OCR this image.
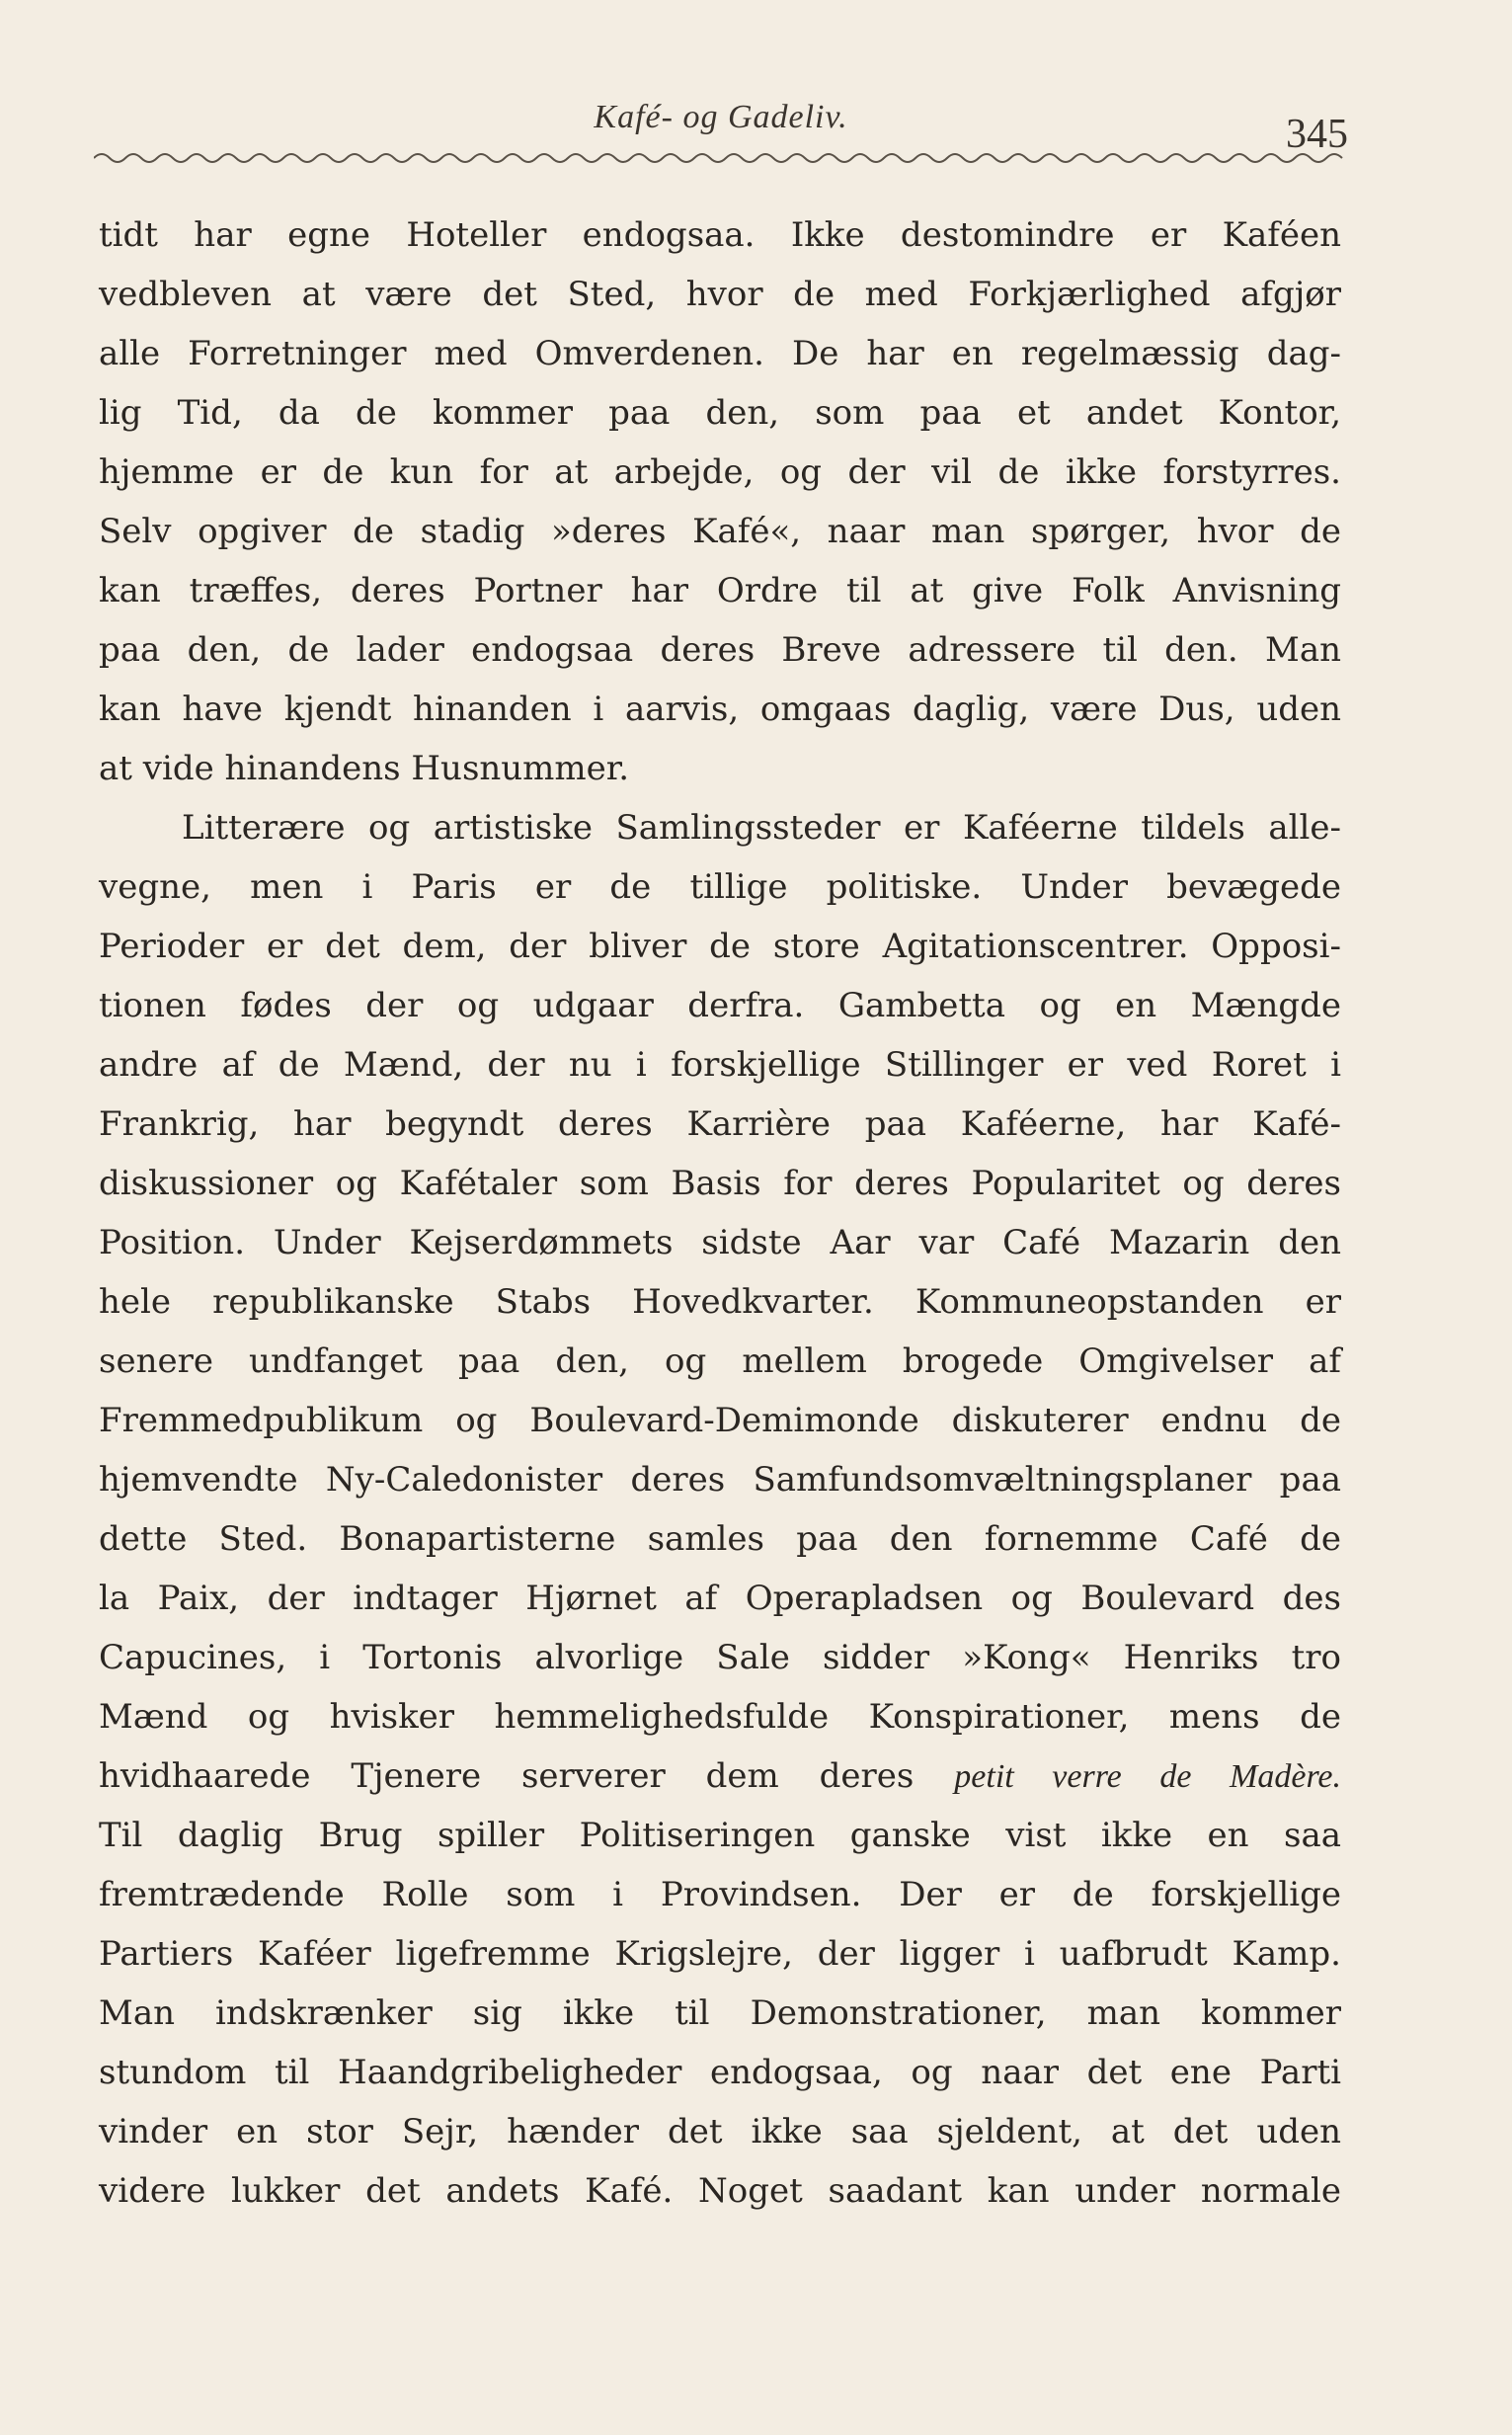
Kafé- og Gadeliv.	345
tidt har egne Hoteller endogsaa. Ikke destomindre er Kaféen
vedbleven at være det Sted, hvor de med Forkjærlighed afgjør
alle Forretninger med Omverdenen. De har en regelmæssig dag-
lig Tid, da de kommer paa den, som paa et andet Kontor,
hjemme er de kun for at arbejde, og der vil de ikke forstyrres.
Selv opgiver de stadig »deres Kafé«, naar man spørger, hvor de
kan træffes, deres Portner har Ordre til at give Folk Anvisning
paa den, de lader endogsaa deres Breve adressere til den. Man
kan have kjendt hinanden i aarvis, omgaas daglig, være Dus, uden
at vide hinandens Husnummer.
Litterære og artistiske Samlingssteder er Kaféerne tildels alle-
vegne, men i Paris er de tillige politiske. Under bevægede
Perioder er det dem, der bliver de store Agitationscentrer. Opposi-
tionen fødes der og udgaar derfra. Gambetta og en Mængde
andre af de Mænd, der nu i forskjellige Stillinger er ved Roret i
Frankrig, har begyndt deres Karrière paa Kaféerne, har Kafé-
diskussioner og Kafétaler som Basis for deres Popularitet og deres
Position. Under Kejserdømmets sidste Aar var Café Mazarin den
hele republikanske Stabs Hovedkvarter. Kommuneopstanden er
senere undfanget paa den, og mellem brogede Omgivelser af
Fremmedpublikum og Boulevard-Demimonde diskuterer endnu de
hjemvendte Ny-Caledonister deres Samfundsomvæltningsplaner paa
dette Sted. Bonapartisterne samles paa den fornemme Café de
la Paix, der indtager Hjørnet af Operapladsen og Boulevard des
Capucines, i Tortonis alvorlige Sale sidder »Kong« Henriks tro
Mænd og hvisker hemmelighedsfulde Konspirationer, mens de
hvidhaarede Tjenere serverer dem deres petit verre de Madère.
Til daglig Brug spiller Politiseringen ganske vist ikke en saa
fremtrædende Rolle som i Provindsen. Der er de forskjellige
Partiers Kaféer ligefremme Krigslejre, der ligger i uafbrudt Kamp.
Man indskrænker sig ikke til Demonstrationer, man kommer
stundom til Haandgribeligheder endogsaa, og naar det ene Parti
vinder en stor Sejr, hænder det ikke saa sjeldent, at det uden
videre lukker det andets Kafé. Noget saadant kan under normale
